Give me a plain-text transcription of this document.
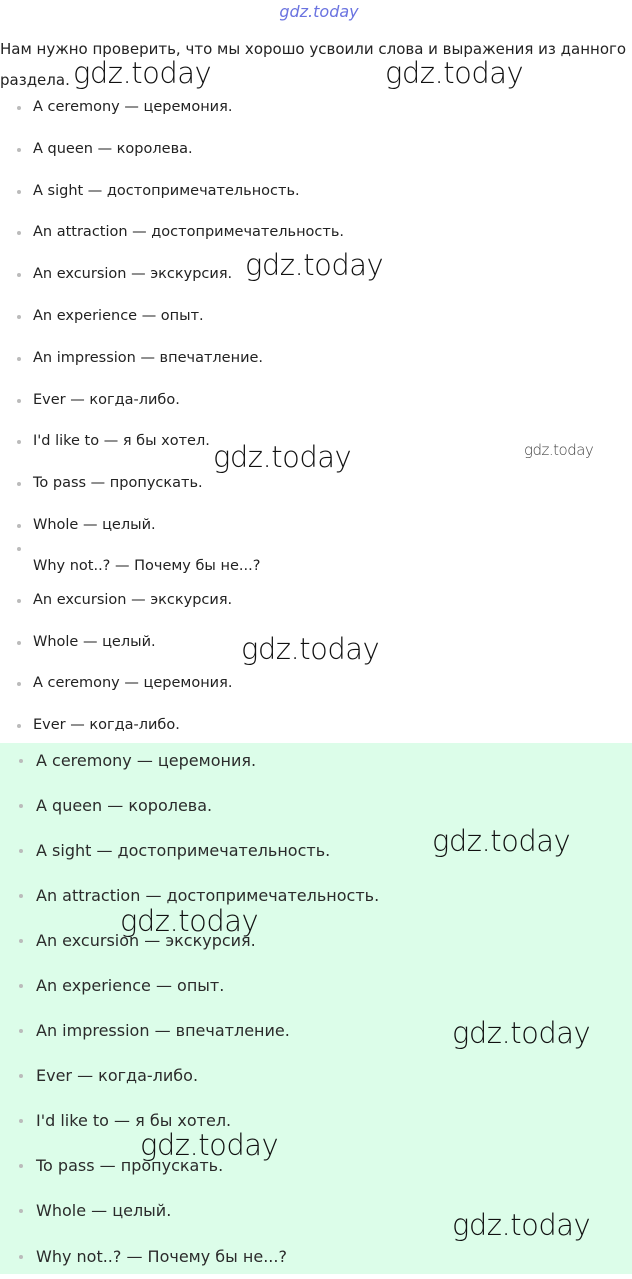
gdz.today
Нам нужно проверить, что мы хорошо усвоили слова и выражения из данного раздела.
A ceremony — церемония.
A queen — королева.
A sight — достопримечательность.
An attraction — достопримечательность.
An excursion — экскурсия.
An experience — опыт.
An impression — впечатление.
Ever — когда-либо.
I'd like to — я бы хотел.
To pass — пропускать.
Whole — целый.
Why not..? — Почему бы не...?
An excursion — экскурсия.
Whole — целый.
A ceremony — церемония.
Ever — когда-либо.
A ceremony — церемония.
A queen — королева.
A sight — достопримечательность.
An attraction — достопримечательность.
An excursion — экскурсия.
An experience — опыт.
An impression — впечатление.
Ever — когда-либо.
I'd like to — я бы хотел.
To pass — пропускать.
Whole — целый.
Why not..? — Почему бы не...?
gdz.today	gdz.today
gdz.today
gdz.today	gdz.today
gdz.today
gdz.today
gdz.today
gdz.today
gdz.today
gdz.today
